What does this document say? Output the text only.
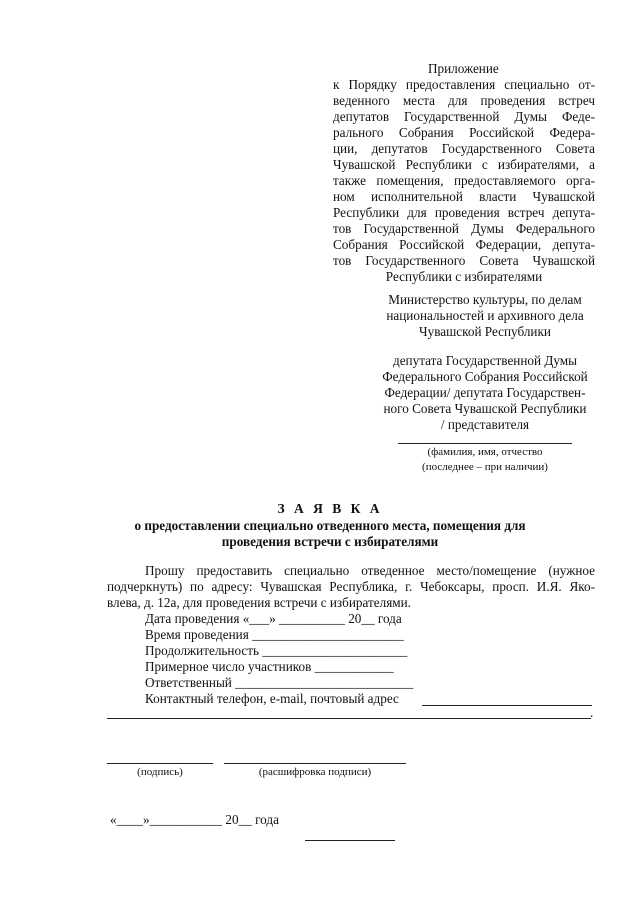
Приложение
к Порядку предоставления специально от-
веденного места для проведения встреч
депутатов Государственной Думы Феде-
рального Собрания Российской Федера-
ции, депутатов Государственного Совета
Чувашской Республики с избирателями, а
также помещения, предоставляемого орга-
ном исполнительной власти Чувашской
Республики для проведения встреч депута-
тов Государственной Думы Федерального
Собрания Российской Федерации, депута-
тов Государственного Совета Чувашской
Республики с избирателями
Министерство культуры, по делам
национальностей и архивного дела
Чувашской Республики
депутата Государственной Думы
Федерального Собрания Российской
Федерации/ депутата Государствен-
ного Совета Чувашской Республики
/ представителя
(фамилия, имя, отчество
(последнее – при наличии)
З А Я В К А
о предоставлении специально отведенного места, помещения для
проведения встречи с избирателями
Прошу предоставить специально отведенное место/помещение (нужное
подчеркнуть) по адресу: Чувашская Республика, г. Чебоксары, просп. И.Я. Яко-
влева, д. 12а, для проведения встречи с избирателями.
Дата проведения «___» __________ 20__ года
Время проведения _______________________
Продолжительность ______________________
Примерное число участников ____________
Ответственный ___________________________
Контактный телефон, e-mail, почтовый адрес
.
(подпись)	(расшифровка подписи)
«____»___________ 20__ года
